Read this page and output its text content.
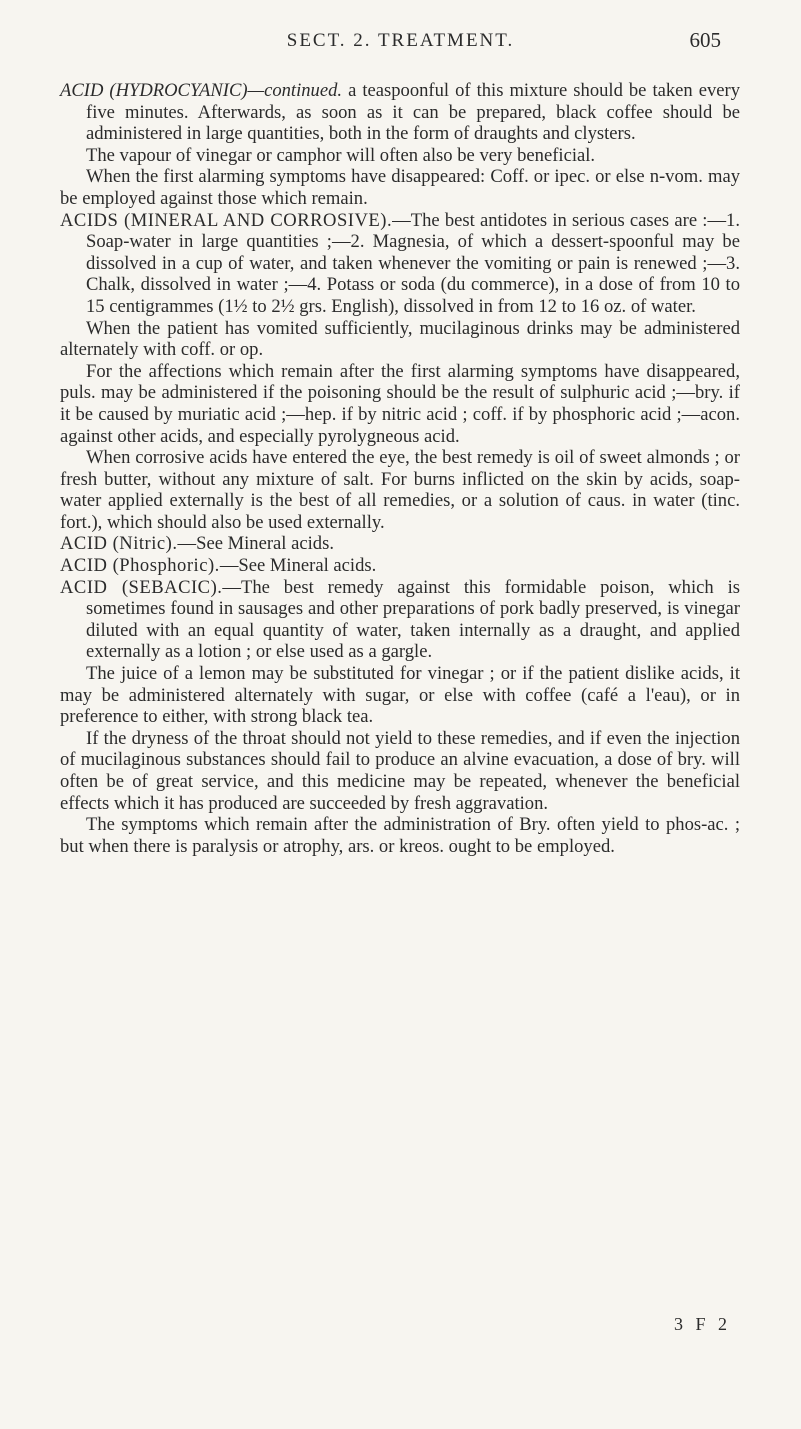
SECT. 2. TREATMENT.	605

ACID (HYDROCYANIC)—continued. a teaspoonful of this mixture should be taken every five minutes. Afterwards, as soon as it can be prepared, black coffee should be administered in large quantities, both in the form of draughts and clysters.

The vapour of vinegar or camphor will often also be very beneficial.

When the first alarming symptoms have disappeared: Coff. or ipec. or else n-vom. may be employed against those which remain.

ACIDS (MINERAL AND CORROSIVE).—The best antidotes in serious cases are :—1. Soap-water in large quantities ;—2. Magnesia, of which a dessert-spoonful may be dissolved in a cup of water, and taken whenever the vomiting or pain is renewed ;—3. Chalk, dissolved in water ;—4. Potass or soda (du commerce), in a dose of from 10 to 15 centigrammes (1½ to 2½ grs. English), dissolved in from 12 to 16 oz. of water.

When the patient has vomited sufficiently, mucilaginous drinks may be administered alternately with coff. or op.

For the affections which remain after the first alarming symptoms have disappeared, puls. may be administered if the poisoning should be the result of sulphuric acid ;—bry. if it be caused by muriatic acid ;—hep. if by nitric acid ; coff. if by phosphoric acid ;—acon. against other acids, and especially pyrolygneous acid.

When corrosive acids have entered the eye, the best remedy is oil of sweet almonds ; or fresh butter, without any mixture of salt. For burns inflicted on the skin by acids, soap-water applied externally is the best of all remedies, or a solution of caus. in water (tinc. fort.), which should also be used externally.

ACID (Nitric).—See Mineral acids.

ACID (Phosphoric).—See Mineral acids.

ACID (SEBACIC).—The best remedy against this formidable poison, which is sometimes found in sausages and other preparations of pork badly preserved, is vinegar diluted with an equal quantity of water, taken internally as a draught, and applied externally as a lotion ; or else used as a gargle.

The juice of a lemon may be substituted for vinegar ; or if the patient dislike acids, it may be administered alternately with sugar, or else with coffee (café a l'eau), or in preference to either, with strong black tea.

If the dryness of the throat should not yield to these remedies, and if even the injection of mucilaginous substances should fail to produce an alvine evacuation, a dose of bry. will often be of great service, and this medicine may be repeated, whenever the beneficial effects which it has produced are succeeded by fresh aggravation.

The symptoms which remain after the administration of Bry. often yield to phos-ac. ; but when there is paralysis or atrophy, ars. or kreos. ought to be employed.

3 F 2
